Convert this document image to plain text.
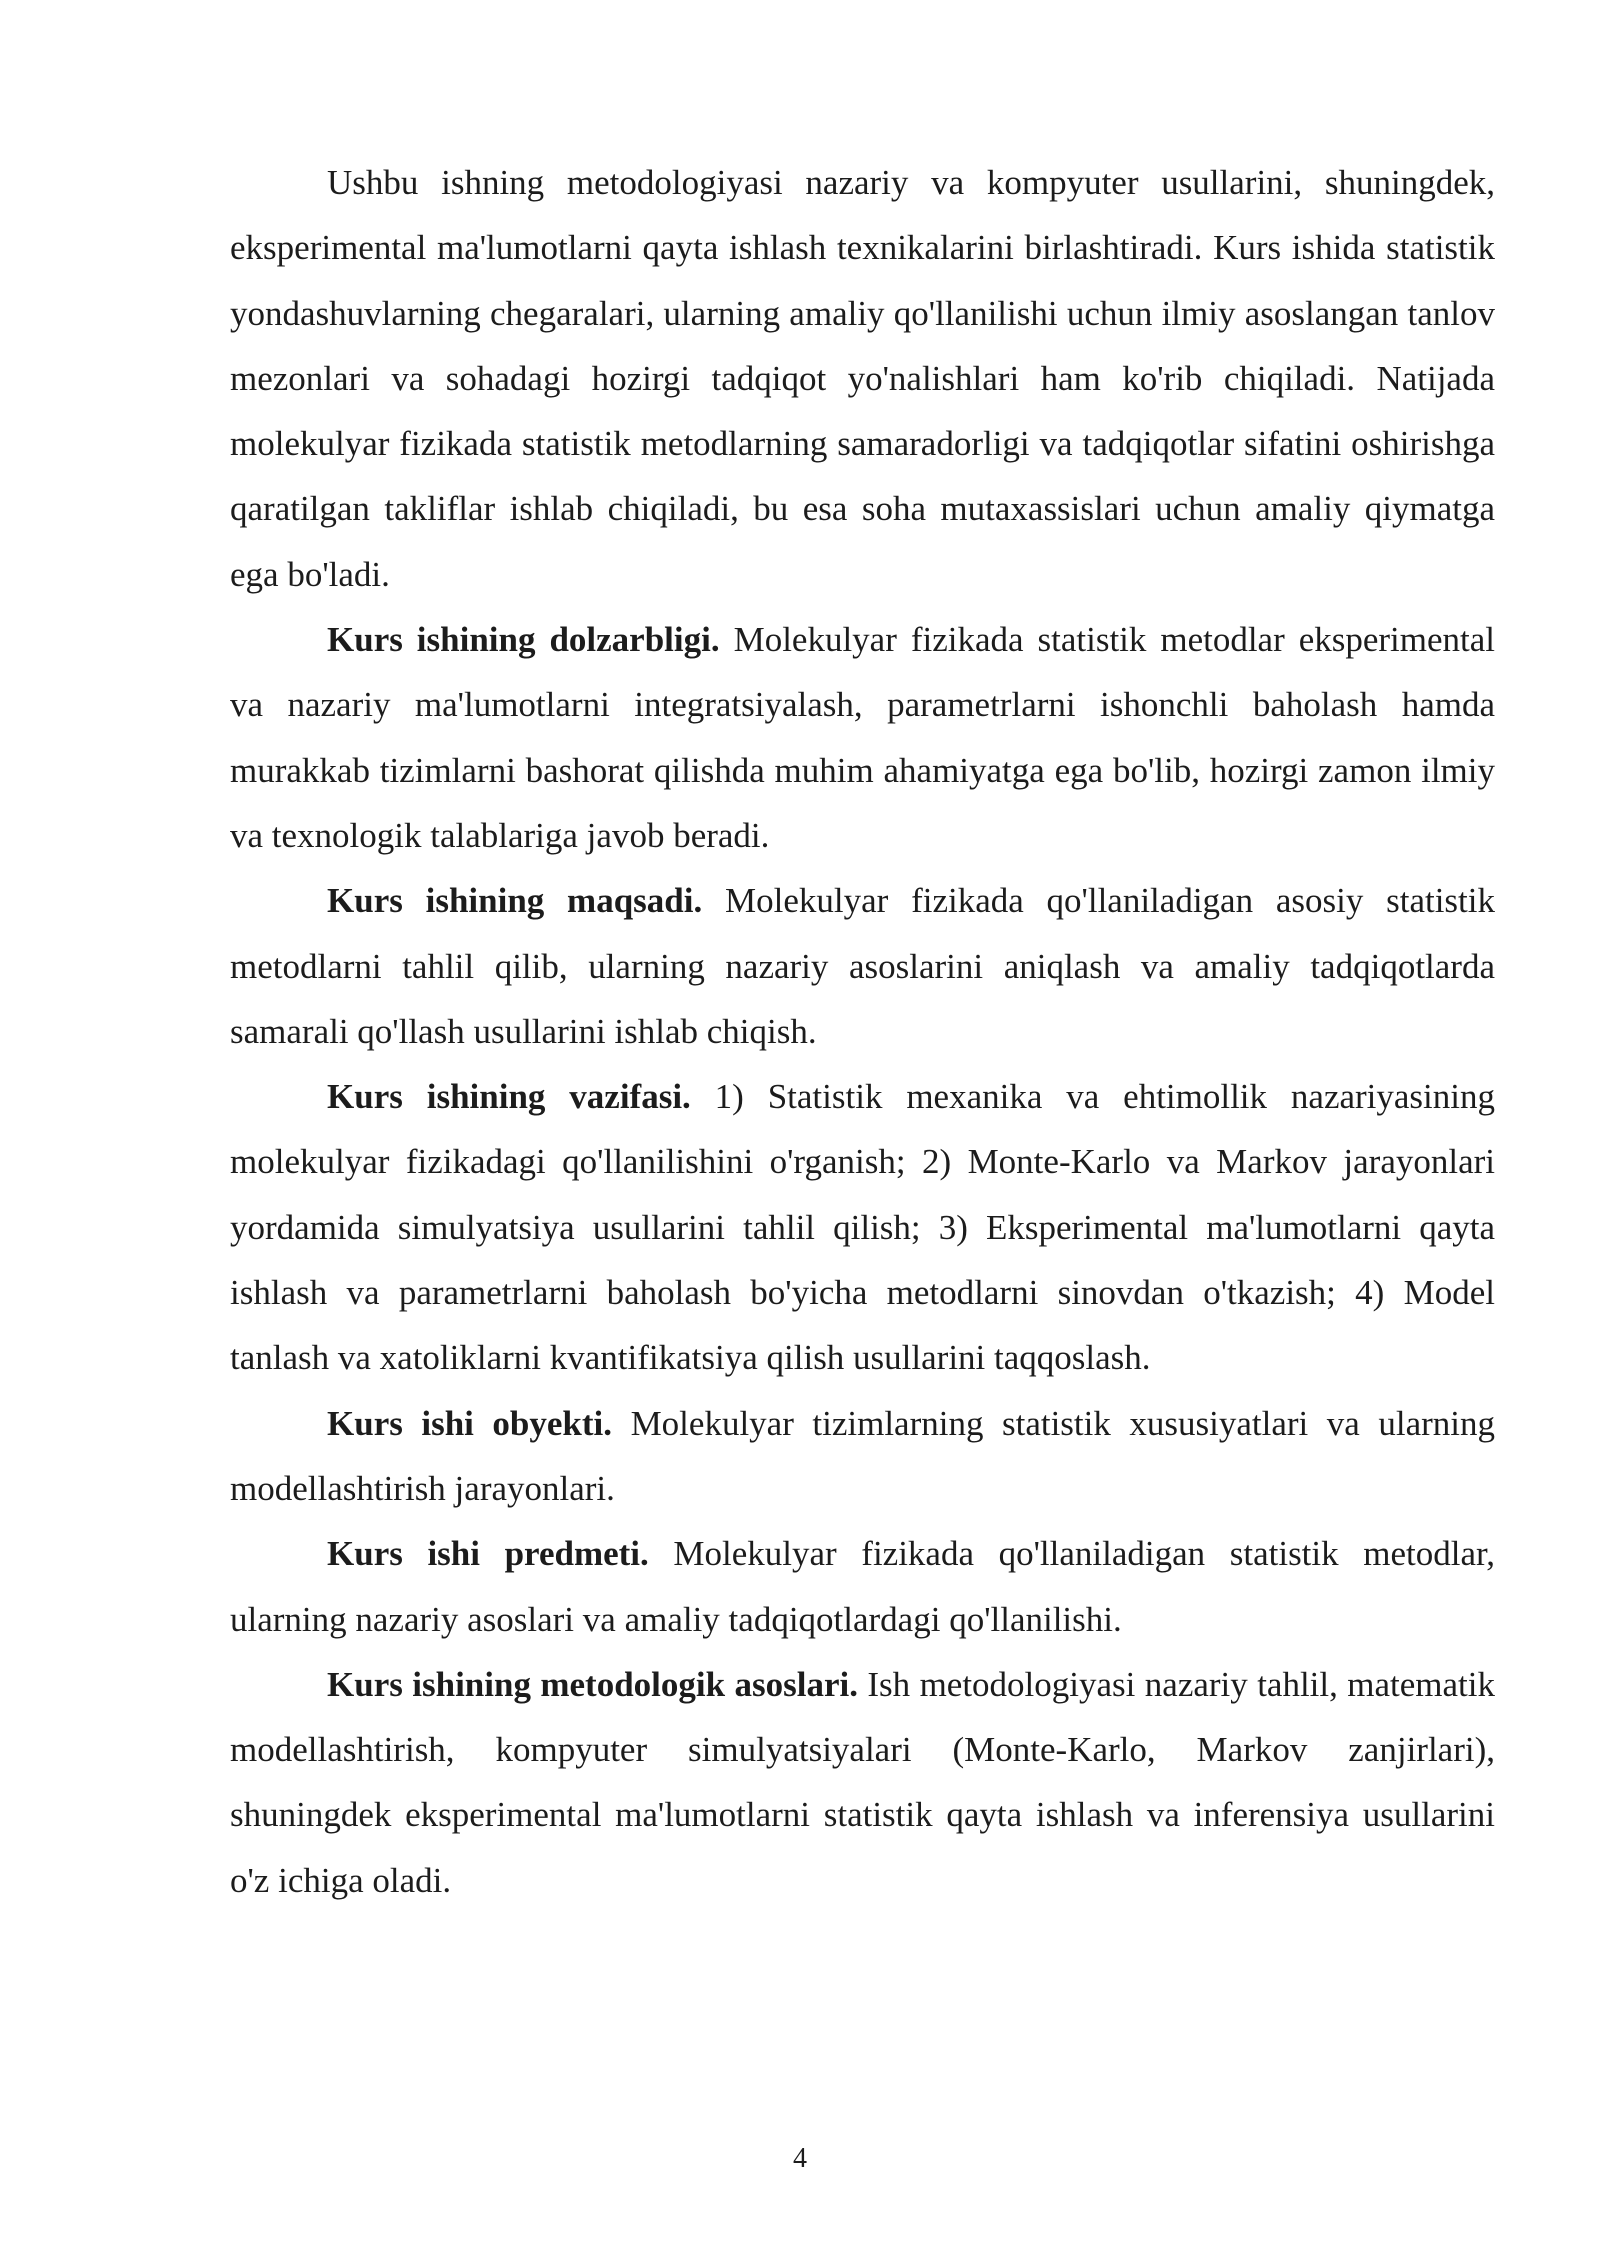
Ushbu ishning metodologiyasi nazariy va kompyuter usullarini, shuningdek, eksperimental ma'lumotlarni qayta ishlash texnikalarini birlashtiradi. Kurs ishida statistik yondashuvlarning chegaralari, ularning amaliy qo'llanilishi uchun ilmiy asoslangan tanlov mezonlari va sohadagi hozirgi tadqiqot yo'nalishlari ham ko'rib chiqiladi. Natijada molekulyar fizikada statistik metodlarning samaradorligi va tadqiqotlar sifatini oshirishga qaratilgan takliflar ishlab chiqiladi, bu esa soha mutaxassislari uchun amaliy qiymatga ega bo'ladi.

Kurs ishining dolzarbligi. Molekulyar fizikada statistik metodlar eksperimental va nazariy ma'lumotlarni integratsiyalash, parametrlarni ishonchli baholash hamda murakkab tizimlarni bashorat qilishda muhim ahamiyatga ega bo'lib, hozirgi zamon ilmiy va texnologik talablariga javob beradi.

Kurs ishining maqsadi. Molekulyar fizikada qo'llaniladigan asosiy statistik metodlarni tahlil qilib, ularning nazariy asoslarini aniqlash va amaliy tadqiqotlarda samarali qo'llash usullarini ishlab chiqish.

Kurs ishining vazifasi. 1) Statistik mexanika va ehtimollik nazariyasining molekulyar fizikadagi qo'llanilishini o'rganish; 2) Monte-Karlo va Markov jarayonlari yordamida simulyatsiya usullarini tahlil qilish; 3) Eksperimental ma'lumotlarni qayta ishlash va parametrlarni baholash bo'yicha metodlarni sinovdan o'tkazish; 4) Model tanlash va xatoliklarni kvantifikatsiya qilish usullarini taqqoslash.

Kurs ishi obyekti. Molekulyar tizimlarning statistik xususiyatlari va ularning modellashtirish jarayonlari.

Kurs ishi predmeti. Molekulyar fizikada qo'llaniladigan statistik metodlar, ularning nazariy asoslari va amaliy tadqiqotlardagi qo'llanilishi.

Kurs ishining metodologik asoslari. Ish metodologiyasi nazariy tahlil, matematik modellashtirish, kompyuter simulyatsiyalari (Monte-Karlo, Markov zanjirlari), shuningdek eksperimental ma'lumotlarni statistik qayta ishlash va inferensiya usullarini o'z ichiga oladi.

4
